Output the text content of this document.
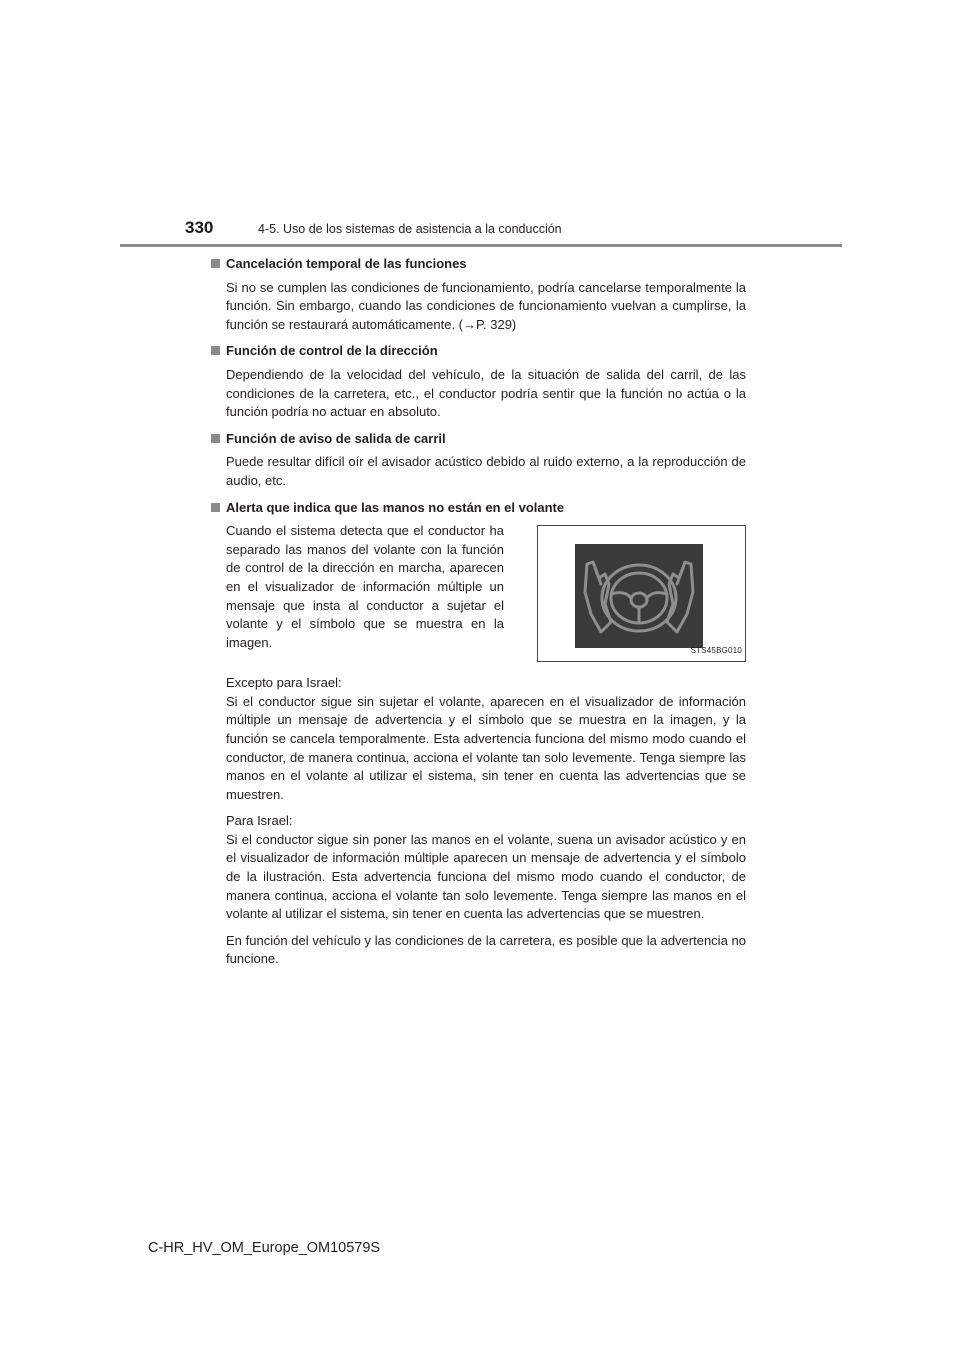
330	4-5. Uso de los sistemas de asistencia a la conducción
Cancelación temporal de las funciones

Si no se cumplen las condiciones de funcionamiento, podría cancelarse temporalmente la función. Sin embargo, cuando las condiciones de funcionamiento vuelvan a cumplirse, la función se restaurará automáticamente. (→P. 329)

Función de control de la dirección

Dependiendo de la velocidad del vehículo, de la situación de salida del carril, de las condiciones de la carretera, etc., el conductor podría sentir que la función no actúa o la función podría no actuar en absoluto.

Función de aviso de salida de carril

Puede resultar difícil oír el avisador acústico debido al ruido externo, a la reproducción de audio, etc.

Alerta que indica que las manos no están en el volante

Cuando el sistema detecta que el conductor ha separado las manos del volante con la función de control de la dirección en marcha, aparecen en el visualizador de información múltiple un mensaje que insta al conductor a sujetar el volante y el símbolo que se muestra en la imagen.

STS45BG010

Excepto para Israel:
Si el conductor sigue sin sujetar el volante, aparecen en el visualizador de información múltiple un mensaje de advertencia y el símbolo que se muestra en la imagen, y la función se cancela temporalmente. Esta advertencia funciona del mismo modo cuando el conductor, de manera continua, acciona el volante tan solo levemente. Tenga siempre las manos en el volante al utilizar el sistema, sin tener en cuenta las advertencias que se muestren.

Para Israel:
Si el conductor sigue sin poner las manos en el volante, suena un avisador acústico y en el visualizador de información múltiple aparecen un mensaje de advertencia y el símbolo de la ilustración. Esta advertencia funciona del mismo modo cuando el conductor, de manera continua, acciona el volante tan solo levemente. Tenga siempre las manos en el volante al utilizar el sistema, sin tener en cuenta las advertencias que se muestren.

En función del vehículo y las condiciones de la carretera, es posible que la advertencia no funcione.

C-HR_HV_OM_Europe_OM10579S
